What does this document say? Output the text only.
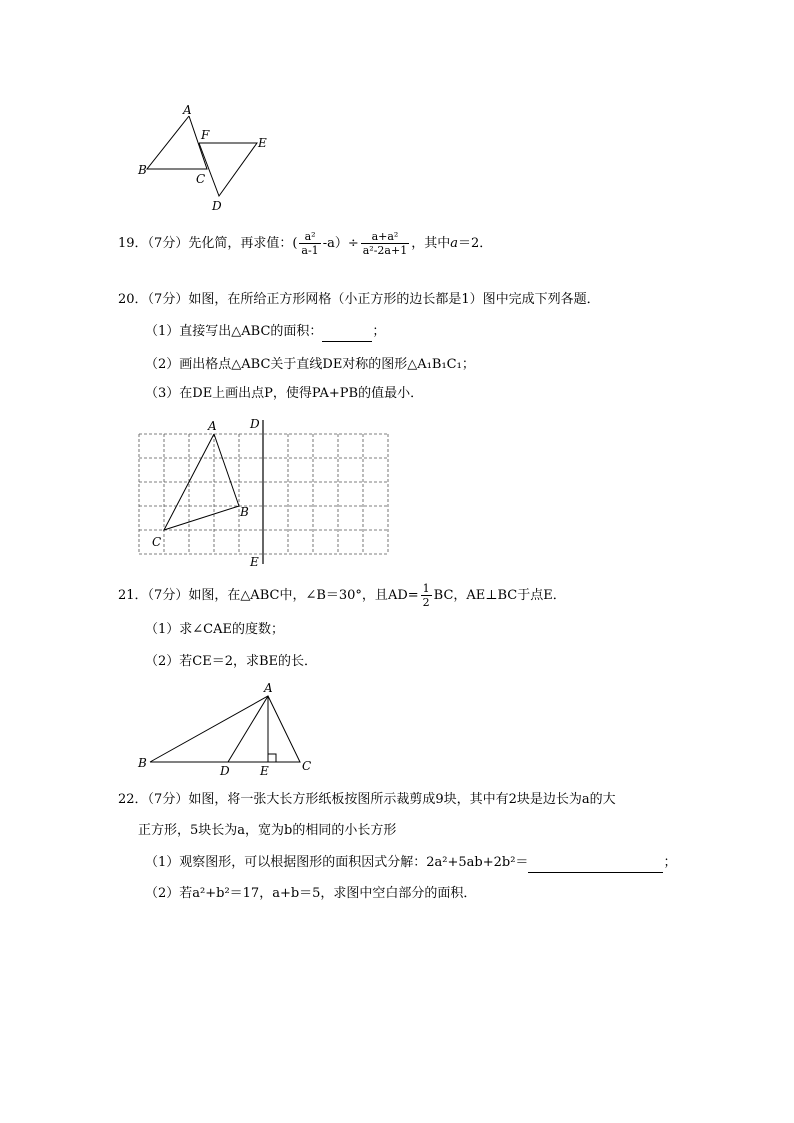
A
F
E
B
C
D
19．（7分）先化简，再求值：( $\frac{\text{a²}}{a-1} -a)\div \frac{\text{a+a²}}{\text{a²-2a+1}}$ ，其中a＝2．
20．（7分）如图，在所给正方形网格（小正方形的边长都是1）图中完成下列各题．
（1）直接写出△ABC的面积：	；
（2）画出格点△ABC关于直线DE对称的图形△A₁B₁C₁；
（3）在DE上画出点P，使得PA+PB的值最小．
A	D
B
C
E
21．（7分）如图，在△ABC中，∠B＝30°，且$AD= \frac{1}{2}$ BC，AE⊥BC于点E．
（1）求∠CAE的度数；
（2）若CE＝2，求BE的长．
A
B
D	E	C
22．（7分）如图，将一张大长方形纸板按图所示裁剪成9块，其中有2块是边长为a的大
正方形，5块长为a，宽为b的相同的小长方形
（1）观察图形，可以根据图形的面积因式分解：2a²+5ab+2b²＝	；
（2）若a²+b²＝17，a+b＝5，求图中空白部分的面积．
